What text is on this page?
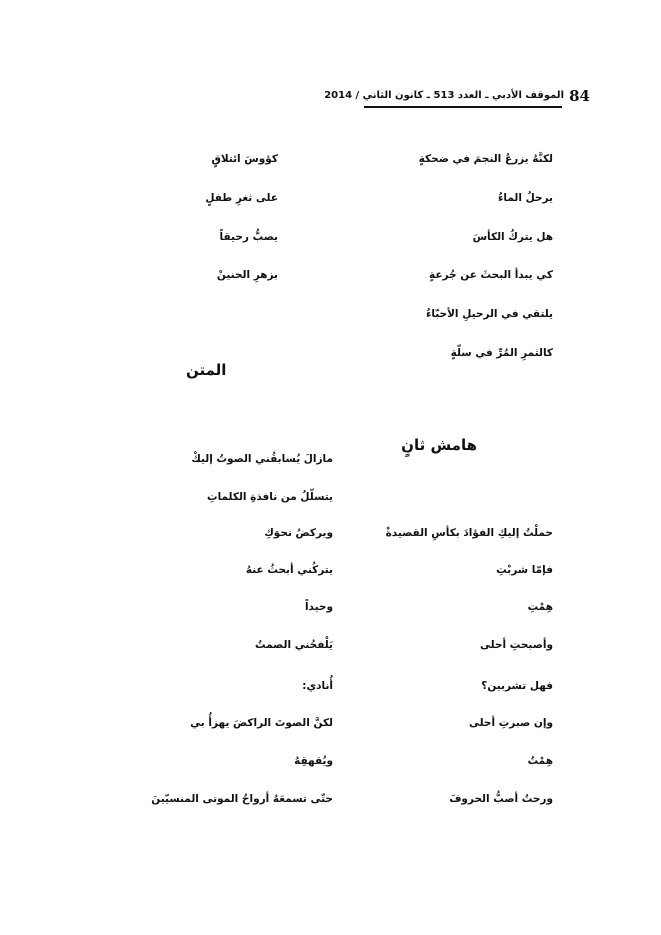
84
الموقف الأدبي ـ العدد 513 ـ كانون الثاني / 2014
لكنَّهُ يزرعُ النجمَ في ضحكةٍ
يرحلُ الماءُ
هل يتركُ الكأسَ
كي يبدأ البحثَ عن جُرعةٍ
يلتقي في الرحيلِ الأحبّاءُ
كالثمرِ المُرِّ في سلّةٍ
كؤوسَ ائتلاقٍ
على ثغرِ طفلٍ
يصبُّ رحيقاً
بزهرِ الحنينْ
المتن
هامش ثانٍ
مازالَ يُسابقُني الصوتُ إليكْ
يتسلّلُ من نافذةِ الكلماتِ
ويركضُ نحوَكِ
يتركُني أبحثُ عنهُ
وحيداً
يَلْفحُني الصمتُ
أُنادي:
لكنَّ الصوتَ الراكضَ يهزأُ بي
ويُقهقِهُ
حتّى تسمعَهُ أرواحُ الموتى المنسيّينَ
حملْتُ إليكِ الفؤادَ بكأسِ القصيدةْ
فإمّا شربْتِ
هِمْتِ
وأصبحتِ أحلى
فهل تشربين؟
وإن صبرتِ أحلى
هِمْتُ
ورحتُ أصبُّ الحروفَ
